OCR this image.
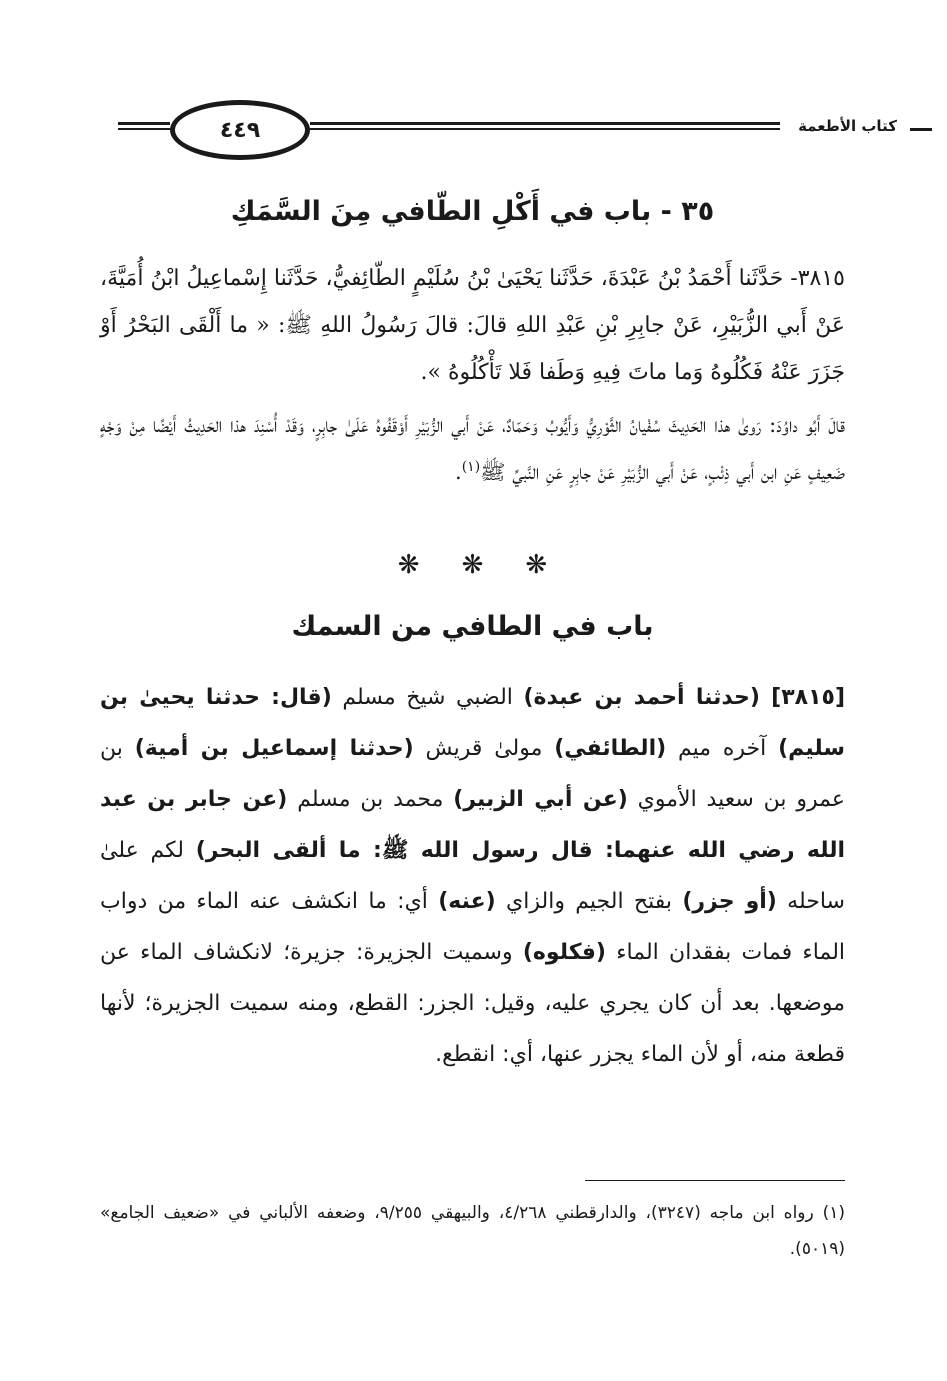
٤٤٩	كتاب الأطعمة
٣٥ - باب في أَكْلِ الطّافي مِنَ السَّمَكِ
٣٨١٥- حَدَّثَنا أَحْمَدُ بْنُ عَبْدَةَ، حَدَّثَنا يَحْيَىٰ بْنُ سُلَيْمٍ الطّائِفيُّ، حَدَّثَنا إِسْماعِيلُ ابْنُ أُمَيَّةَ، عَنْ أَبي الزُّبَيْرِ، عَنْ جابِرِ بْنِ عَبْدِ اللهِ قالَ: قالَ رَسُولُ اللهِ ﷺ: « ما أَلْقَى البَحْرُ أَوْ جَزَرَ عَنْهُ فَكُلُوهُ وَما ماتَ فِيهِ وَطَفا فَلا تَأْكُلُوهُ ».
قالَ أَبُو داوُدَ: رَوىٰ هذا الحَدِيثَ سُفْيانُ الثَّوْرِيُّ وَأَيُّوبُ وَحَمّادٌ، عَنْ أَبي الزُّبَيْرِ أَوْقَفُوهُ عَلَىٰ جابِرٍ، وَقَدْ أُسْنِدَ هذا الحَدِيثُ أَيْضًا مِنْ وَجْهٍ ضَعِيفٍ عَنِ ابن أَبي ذِئْبٍ، عَنْ أَبي الزُّبَيْرِ عَنْ جابِرٍ عَنِ النَّبيِّ ﷺ$^{(١)}$.
❋ ❋ ❋
باب في الطافي من السمك
[٣٨١٥] (حدثنا أحمد بن عبدة) الضبي شيخ مسلم (قال: حدثنا يحيىٰ بن سليم) آخره ميم (الطائفي) مولىٰ قريش (حدثنا إسماعيل بن أمية) بن عمرو بن سعيد الأموي (عن أبي الزبير) محمد بن مسلم (عن جابر بن عبد الله رضي الله عنهما: قال رسول الله ﷺ: ما ألقى البحر) لكم علىٰ ساحله (أو جزر) بفتح الجيم والزاي (عنه) أي: ما انكشف عنه الماء من دواب الماء فمات بفقدان الماء (فكلوه) وسميت الجزيرة: جزيرة؛ لانكشاف الماء عن موضعها. بعد أن كان يجري عليه، وقيل: الجزر: القطع، ومنه سميت الجزيرة؛ لأنها قطعة منه، أو لأن الماء يجزر عنها، أي: انقطع.
(١) رواه ابن ماجه (٣٢٤٧)، والدارقطني ٤/٢٦٨، والبيهقي ٩/٢٥٥، وضعفه الألباني في «ضعيف الجامع» (٥٠١٩).
